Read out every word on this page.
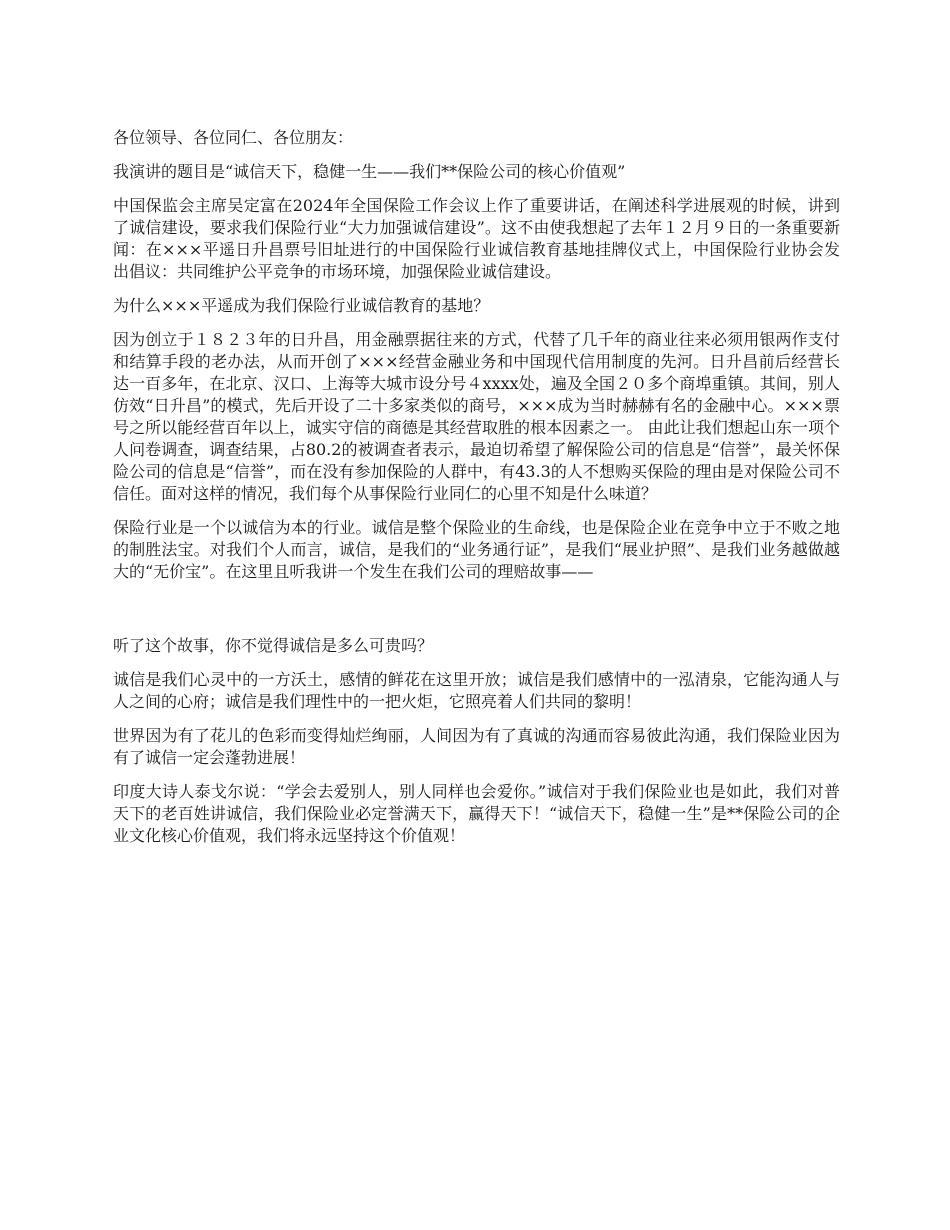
各位领导、各位同仁、各位朋友：

我演讲的题目是“诚信天下，稳健一生——我们**保险公司的核心价值观”

中国保监会主席吴定富在2024年全国保险工作会议上作了重要讲话，在阐述科学进展观的时候，讲到了诚信建设，要求我们保险行业“大力加强诚信建设”。这不由使我想起了去年１２月９日的一条重要新闻：在×××平遥日升昌票号旧址进行的中国保险行业诚信教育基地挂牌仪式上，中国保险行业协会发出倡议：共同维护公平竞争的市场环境，加强保险业诚信建设。

为什么×××平遥成为我们保险行业诚信教育的基地？

因为创立于１８２３年的日升昌，用金融票据往来的方式，代替了几千年的商业往来必须用银两作支付和结算手段的老办法，从而开创了×××经营金融业务和中国现代信用制度的先河。日升昌前后经营长达一百多年，在北京、汉口、上海等大城市设分号４xxxx处，遍及全国２０多个商埠重镇。其间，别人仿效“日升昌”的模式，先后开设了二十多家类似的商号，×××成为当时赫赫有名的金融中心。×××票号之所以能经营百年以上，诚实守信的商德是其经营取胜的根本因素之一。 由此让我们想起山东一项个人问卷调查，调查结果，占80.2的被调查者表示，最迫切希望了解保险公司的信息是“信誉”，最关怀保险公司的信息是“信誉”，而在没有参加保险的人群中，有43.3的人不想购买保险的理由是对保险公司不信任。面对这样的情况，我们每个从事保险行业同仁的心里不知是什么味道？

保险行业是一个以诚信为本的行业。诚信是整个保险业的生命线，也是保险企业在竞争中立于不败之地的制胜法宝。对我们个人而言，诚信，是我们的“业务通行证”，是我们“展业护照”、是我们业务越做越大的“无价宝”。在这里且听我讲一个发生在我们公司的理赔故事——

听了这个故事，你不觉得诚信是多么可贵吗？

诚信是我们心灵中的一方沃土，感情的鲜花在这里开放；诚信是我们感情中的一泓清泉，它能沟通人与人之间的心府；诚信是我们理性中的一把火炬，它照亮着人们共同的黎明！

世界因为有了花儿的色彩而变得灿烂绚丽，人间因为有了真诚的沟通而容易彼此沟通，我们保险业因为有了诚信一定会蓬勃进展！

印度大诗人泰戈尔说：“学会去爱别人，别人同样也会爱你。”诚信对于我们保险业也是如此，我们对普天下的老百姓讲诚信，我们保险业必定誉满天下，赢得天下！“诚信天下，稳健一生”是**保险公司的企业文化核心价值观，我们将永远坚持这个价值观！
